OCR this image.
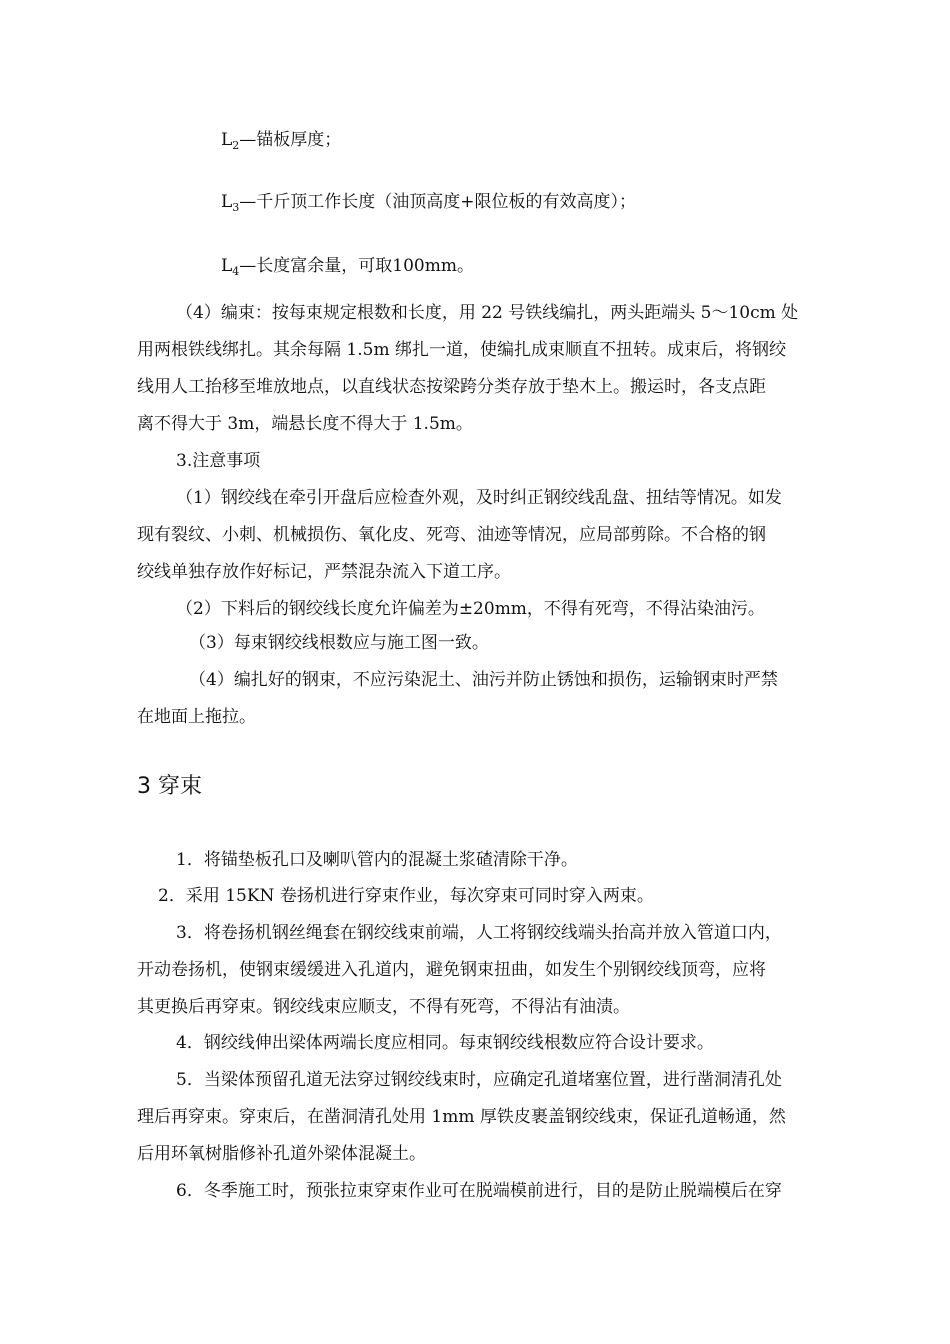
$L_2—$锚板厚度；
$L_3—$千斤顶工作长度（油顶高度+限位板的有效高度）；
$L_4—$长度富余量，可取100mm。
（4）编束：按每束规定根数和长度，用 22 号铁线编扎，两头距端头 5～10cm 处
用两根铁线绑扎。其余每隔 1.5m 绑扎一道，使编扎成束顺直不扭转。成束后，将钢绞
线用人工抬移至堆放地点，以直线状态按梁跨分类存放于垫木上。搬运时，各支点距
离不得大于 3m，端悬长度不得大于 1.5m。
3.注意事项
（1）钢绞线在牵引开盘后应检查外观，及时纠正钢绞线乱盘、扭结等情况。如发
现有裂纹、小刺、机械损伤、氧化皮、死弯、油迹等情况，应局部剪除。不合格的钢
绞线单独存放作好标记，严禁混杂流入下道工序。
（2）下料后的钢绞线长度允许偏差为±20mm，不得有死弯，不得沾染油污。
（3）每束钢绞线根数应与施工图一致。
（4）编扎好的钢束，不应污染泥土、油污并防止锈蚀和损伤，运输钢束时严禁
在地面上拖拉。
3 穿束
1．将锚垫板孔口及喇叭管内的混凝土浆碴清除干净。
2．采用 15KN 卷扬机进行穿束作业，每次穿束可同时穿入两束。
3．将卷扬机钢丝绳套在钢绞线束前端，人工将钢绞线端头抬高并放入管道口内，
开动卷扬机，使钢束缓缓进入孔道内，避免钢束扭曲，如发生个别钢绞线顶弯，应将
其更换后再穿束。钢绞线束应顺支，不得有死弯，不得沾有油渍。
4．钢绞线伸出梁体两端长度应相同。每束钢绞线根数应符合设计要求。
5．当梁体预留孔道无法穿过钢绞线束时，应确定孔道堵塞位置，进行凿洞清孔处
理后再穿束。穿束后，在凿洞清孔处用 1mm 厚铁皮裹盖钢绞线束，保证孔道畅通，然
后用环氧树脂修补孔道外梁体混凝土。
6．冬季施工时，预张拉束穿束作业可在脱端模前进行，目的是防止脱端模后在穿
